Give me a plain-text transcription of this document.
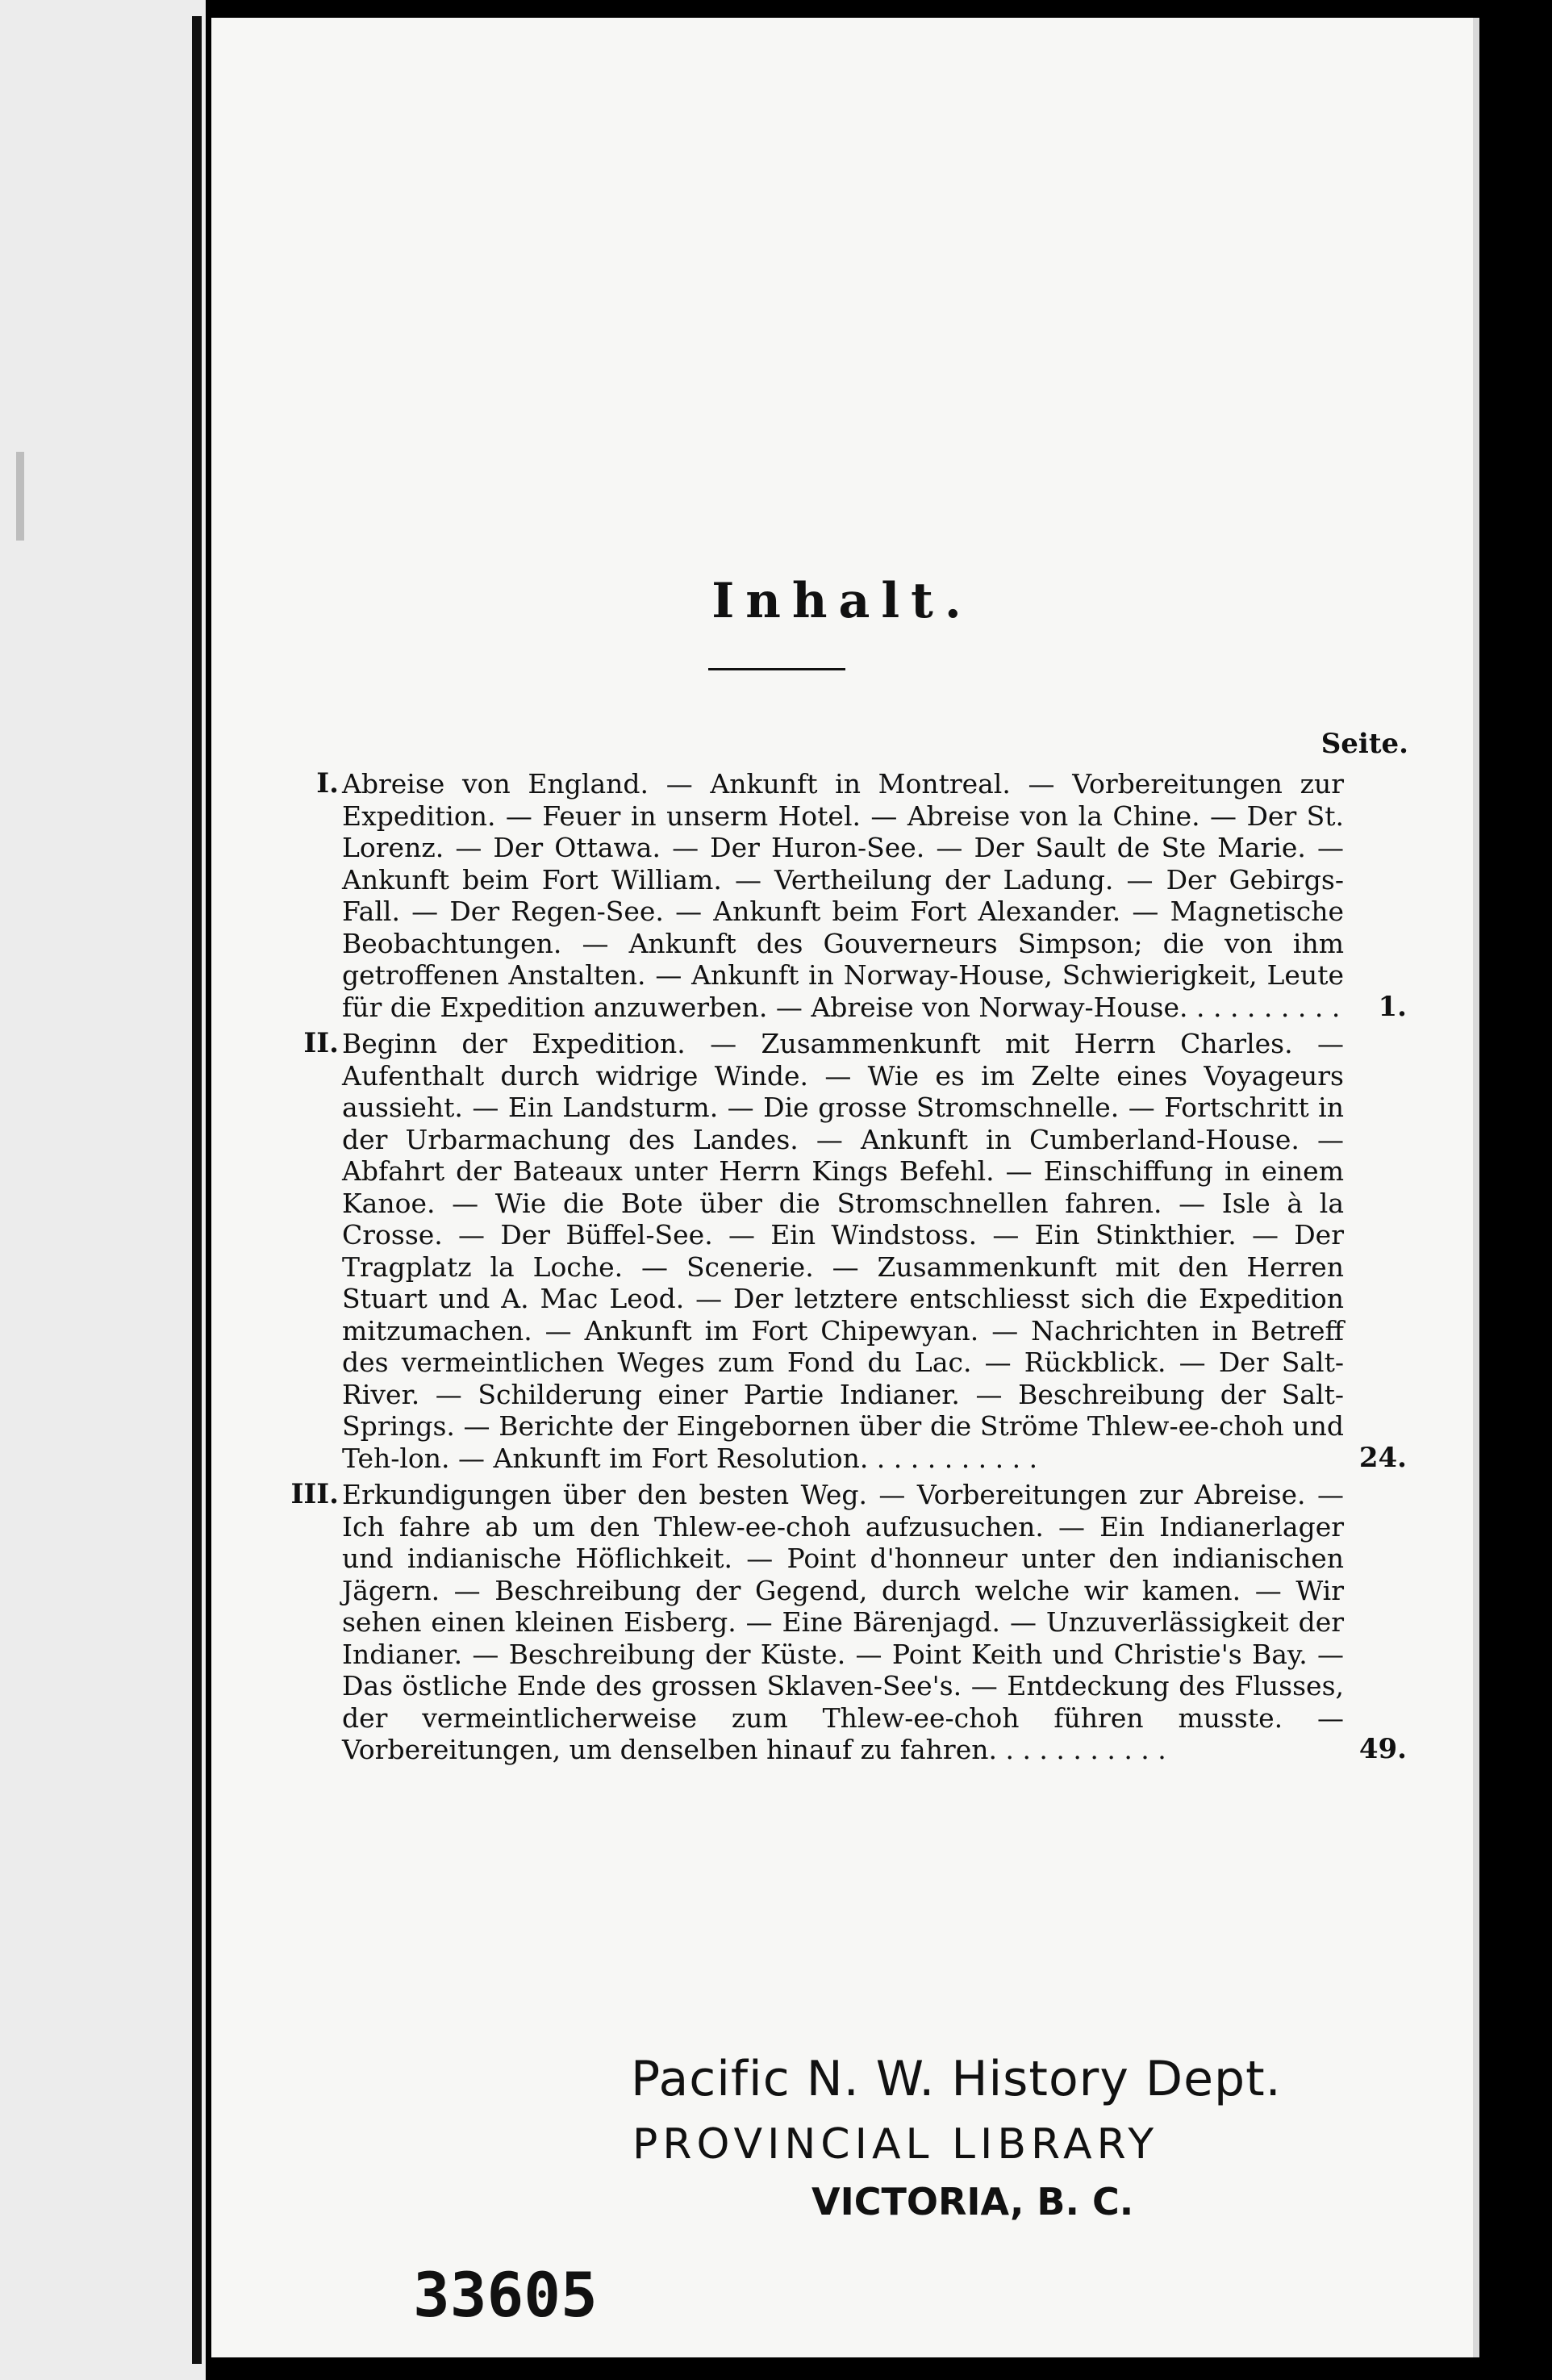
Inhalt.
Seite.
I. Abreise von England. — Ankunft in Montreal. — Vorbereitungen zur Expedition. — Feuer in unserm Hotel. — Abreise von la Chine. — Der St. Lorenz. — Der Ottawa. — Der Huron-See. — Der Sault de Ste Marie. — Ankunft beim Fort William. — Vertheilung der Ladung. — Der Gebirgs-Fall. — Der Regen-See. — Ankunft beim Fort Alexander. — Magnetische Beobachtungen. — Ankunft des Gouverneurs Simpson; die von ihm getroffenen Anstalten. — Ankunft in Norway-House, Schwierigkeit, Leute für die Expedition anzuwerben. — Abreise von Norway-House. . . . . . . . . .	1.
II. Beginn der Expedition. — Zusammenkunft mit Herrn Charles. — Aufenthalt durch widrige Winde. — Wie es im Zelte eines Voyageurs aussieht. — Ein Landsturm. — Die grosse Stromschnelle. — Fortschritt in der Urbarmachung des Landes. — Ankunft in Cumberland-House. — Abfahrt der Bateaux unter Herrn Kings Befehl. — Einschiffung in einem Kanoe. — Wie die Bote über die Stromschnellen fahren. — Isle à la Crosse. — Der Büffel-See. — Ein Windstoss. — Ein Stinkthier. — Der Tragplatz la Loche. — Scenerie. — Zusammenkunft mit den Herren Stuart und A. Mac Leod. — Der letztere entschliesst sich die Expedition mitzumachen. — Ankunft im Fort Chipewyan. — Nachrichten in Betreff des vermeintlichen Weges zum Fond du Lac. — Rückblick. — Der Salt-River. — Schilderung einer Partie Indianer. — Beschreibung der Salt-Springs. — Berichte der Eingebornen über die Ströme Thlew-ee-choh und Teh-lon. — Ankunft im Fort Resolution. . . . . . . . . . .	24.
III. Erkundigungen über den besten Weg. — Vorbereitungen zur Abreise. — Ich fahre ab um den Thlew-ee-choh aufzusuchen. — Ein Indianerlager und indianische Höflichkeit. — Point d'honneur unter den indianischen Jägern. — Beschreibung der Gegend, durch welche wir kamen. — Wir sehen einen kleinen Eisberg. — Eine Bärenjagd. — Unzuverlässigkeit der Indianer. — Beschreibung der Küste. — Point Keith und Christie's Bay. — Das östliche Ende des grossen Sklaven-See's. — Entdeckung des Flusses, der vermeintlicherweise zum Thlew-ee-choh führen musste. — Vorbereitungen, um denselben hinauf zu fahren. . . . . . . . . . .	49.
Pacific N. W. History Dept.
PROVINCIAL LIBRARY
VICTORIA, B. C.
33605
